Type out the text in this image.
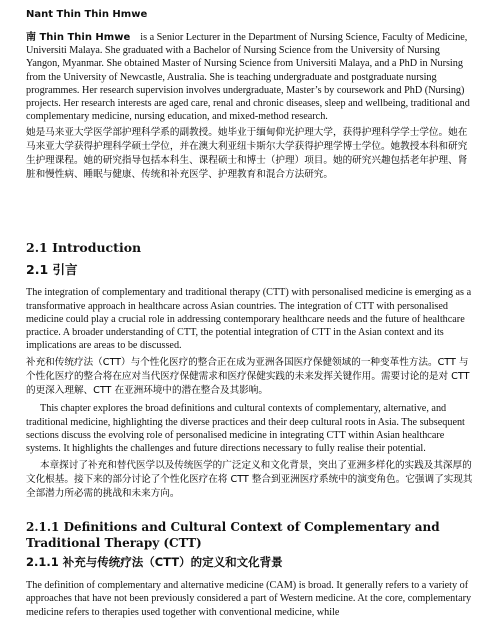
Nant Thin Thin Hmwe

南 Thin Thin Hmwe is a Senior Lecturer in the Department of Nursing Science, Faculty of Medicine, Universiti Malaya. She graduated with a Bachelor of Nursing Science from the University of Nursing Yangon, Myanmar. She obtained Master of Nursing Science from Universiti Malaya, and a PhD in Nursing from the University of Newcastle, Australia. She is teaching undergraduate and postgraduate nursing programmes. Her research supervision involves undergraduate, Master’s by coursework and PhD (Nursing) projects. Her research interests are aged care, renal and chronic diseases, sleep and wellbeing, traditional and complementary medicine, nursing education, and mixed-method research.

她是马来亚大学医学部护理科学系的副教授。她毕业于缅甸仰光护理大学，获得护理科学学士学位。她在马来亚大学获得护理科学硕士学位，并在澳大利亚纽卡斯尔大学获得护理学博士学位。她教授本科和研究生护理课程。她的研究指导包括本科生、课程硕士和博士（护理）项目。她的研究兴趣包括老年护理、肾脏和慢性病、睡眠与健康、传统和补充医学、护理教育和混合方法研究。

2.1 Introduction
2.1 引言

The integration of complementary and traditional therapy (CTT) with personalised medicine is emerging as a transformative approach in healthcare across Asian countries. The integration of CTT with personalised medicine could play a crucial role in addressing contemporary healthcare needs and the future of healthcare practice. A broader understanding of CTT, the potential integration of CTT in the Asian context and its implications are areas to be discussed.

补充和传统疗法（CTT）与个性化医疗的整合正在成为亚洲各国医疗保健领域的一种变革性方法。CTT 与个性化医疗的整合将在应对当代医疗保健需求和医疗保健实践的未来发挥关键作用。需要讨论的是对 CTT 的更深入理解、CTT 在亚洲环境中的潜在整合及其影响。

This chapter explores the broad definitions and cultural contexts of complementary, alternative, and traditional medicine, highlighting the diverse practices and their deep cultural roots in Asia. The subsequent sections discuss the evolving role of personalised medicine in integrating CTT within Asian healthcare systems. It highlights the challenges and future directions necessary to fully realise their potential.

本章探讨了补充和替代医学以及传统医学的广泛定义和文化背景，突出了亚洲多样化的实践及其深厚的文化根基。接下来的部分讨论了个性化医疗在将 CTT 整合到亚洲医疗系统中的演变角色。它强调了实现其全部潜力所必需的挑战和未来方向。

2.1.1 Definitions and Cultural Context of Complementary and Traditional Therapy (CTT)
2.1.1 补充与传统疗法（CTT）的定义和文化背景

The definition of complementary and alternative medicine (CAM) is broad. It generally refers to a variety of approaches that have not been previously considered a part of Western medicine. At the core, complementary medicine refers to therapies used together with conventional medicine, while
